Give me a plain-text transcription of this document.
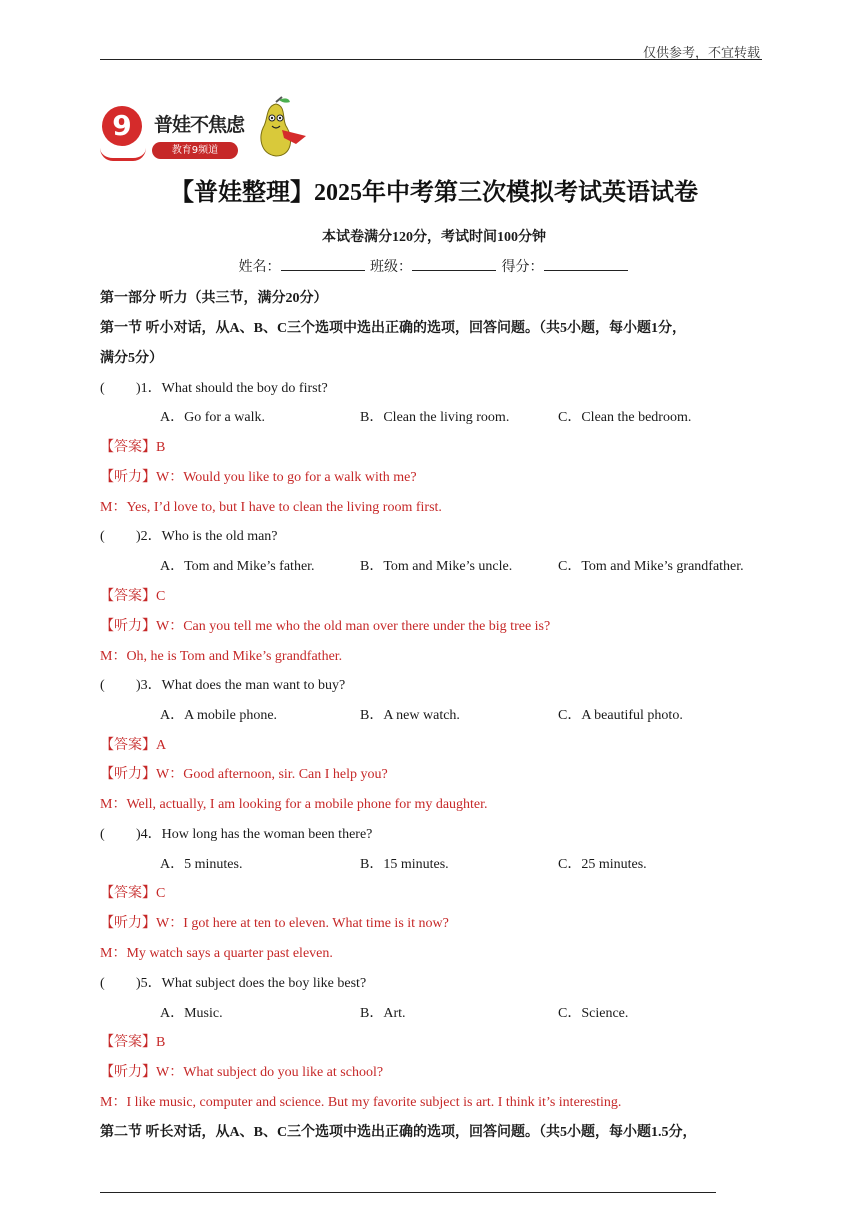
仅供参考，不宜转载
9	普娃不焦虑
教育9频道
【普娃整理】2025年中考第三次模拟考试英语试卷
本试卷满分120分，考试时间100分钟
姓名：	班级：	得分：
第一部分 听力（共三节，满分20分）
第一节 听小对话，从A、B、C三个选项中选出正确的选项，回答问题。（共5小题，每小题1分，
满分5分）
( )1．What should the boy do first?
A．Go for a walk.	B．Clean the living room.	C．Clean the bedroom.
【答案】B
【听力】W：Would you like to go for a walk with me?
M：Yes, I’d love to, but I have to clean the living room first.
( )2．Who is the old man?
A．Tom and Mike’s father.	B．Tom and Mike’s uncle.	C．Tom and Mike’s grandfather.
【答案】C
【听力】W：Can you tell me who the old man over there under the big tree is?
M：Oh, he is Tom and Mike’s grandfather.
( )3．What does the man want to buy?
A．A mobile phone.	B．A new watch.	C．A beautiful photo.
【答案】A
【听力】W：Good afternoon, sir. Can I help you?
M：Well, actually, I am looking for a mobile phone for my daughter.
( )4．How long has the woman been there?
A．5 minutes.	B．15 minutes.	C．25 minutes.
【答案】C
【听力】W：I got here at ten to eleven. What time is it now?
M：My watch says a quarter past eleven.
( )5．What subject does the boy like best?
A．Music.	B．Art.	C．Science.
【答案】B
【听力】W：What subject do you like at school?
M：I like music, computer and science. But my favorite subject is art. I think it’s interesting.
第二节 听长对话，从A、B、C三个选项中选出正确的选项，回答问题。（共5小题，每小题1.5分，
